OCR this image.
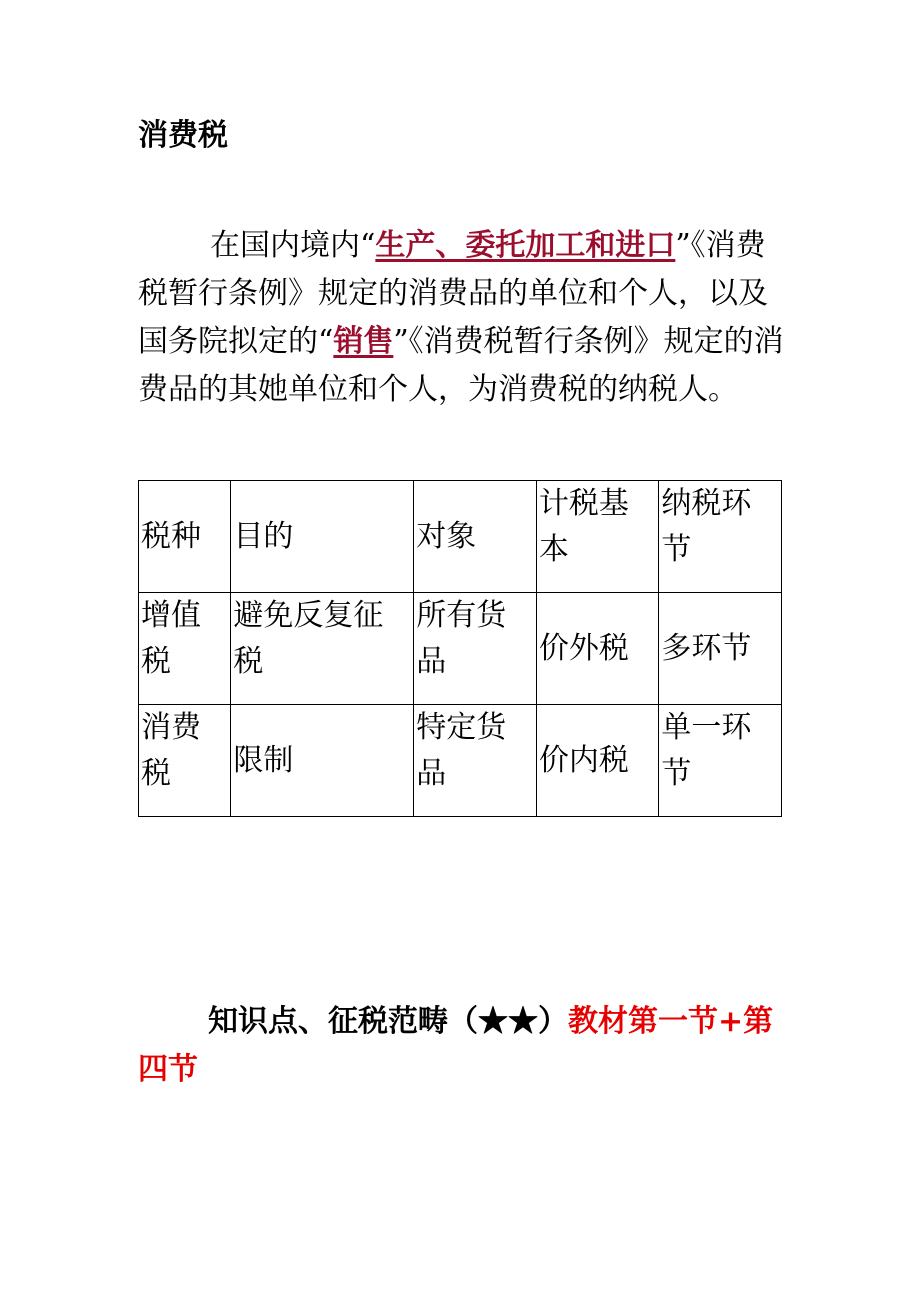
消费税

在国内境内“生产、委托加工和进口”《消费税暂行条例》规定的消费品的单位和个人，以及国务院拟定的“销售”《消费税暂行条例》规定的消费品的其她单位和个人，为消费税的纳税人。

税种	目的	对象	计税基本	纳税环节
增值税	避免反复征税	所有货品	价外税	多环节
消费税	限制	特定货品	价内税	单一环节

知识点、征税范畴（★★）教材第一节+第四节
